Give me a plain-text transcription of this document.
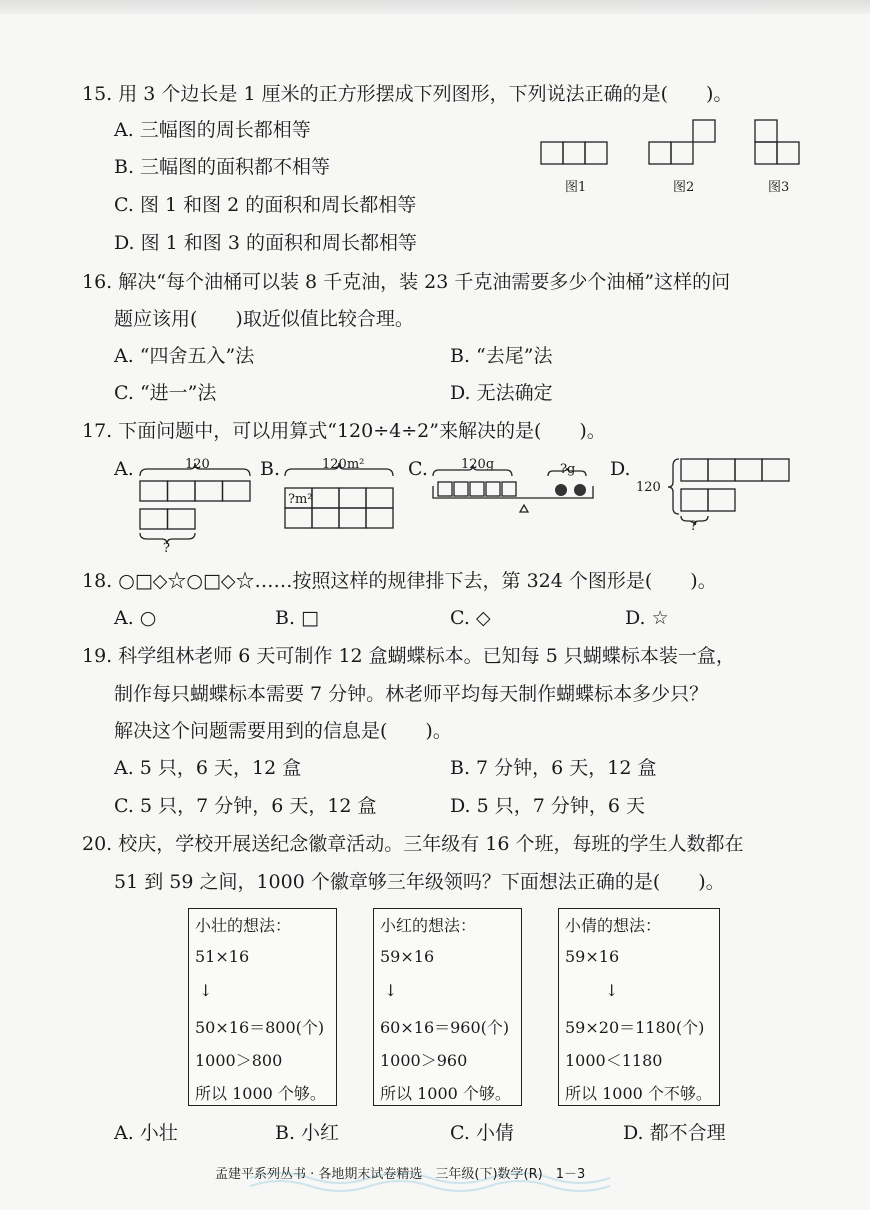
15. 用 3 个边长是 1 厘米的正方形摆成下列图形，下列说法正确的是(　　)。
A. 三幅图的周长都相等
B. 三幅图的面积都不相等
C. 图 1 和图 2 的面积和周长都相等
D. 图 1 和图 3 的面积和周长都相等
图1	图2	图3
16. 解决“每个油桶可以装 8 千克油，装 23 千克油需要多少个油桶”这样的问
题应该用(　　)取近似值比较合理。
A. “四舍五入”法	B. “去尾”法
C. “进一”法	D. 无法确定
17. 下面问题中，可以用算式“120÷4÷2”来解决的是(　　)。
A.	B.	C.	D.
120
?
120m²
?m²
120g	?g
120
?
18. ○□◇☆○□◇☆……按照这样的规律排下去，第 324 个图形是(　　)。
A. ○	B. □	C. ◇	D. ☆
19. 科学组林老师 6 天可制作 12 盒蝴蝶标本。已知每 5 只蝴蝶标本装一盒，
制作每只蝴蝶标本需要 7 分钟。林老师平均每天制作蝴蝶标本多少只？
解决这个问题需要用到的信息是(　　)。
A. 5 只，6 天，12 盒	B. 7 分钟，6 天，12 盒
C. 5 只，7 分钟，6 天，12 盒	D. 5 只，7 分钟，6 天
20. 校庆，学校开展送纪念徽章活动。三年级有 16 个班，每班的学生人数都在
51 到 59 之间，1000 个徽章够三年级领吗？下面想法正确的是(　　)。
小壮的想法：
51×16
↓
50×16＝800(个)
1000＞800
所以 1000 个够。
小红的想法：
59×16
↓
60×16＝960(个)
1000＞960
所以 1000 个够。
小倩的想法：
59×16
↓
59×20＝1180(个)
1000＜1180
所以 1000 个不够。
A. 小壮	B. 小红	C. 小倩	D. 都不合理
孟建平系列丛书 · 各地期末试卷精选　三年级(下)数学(R)　1－3
